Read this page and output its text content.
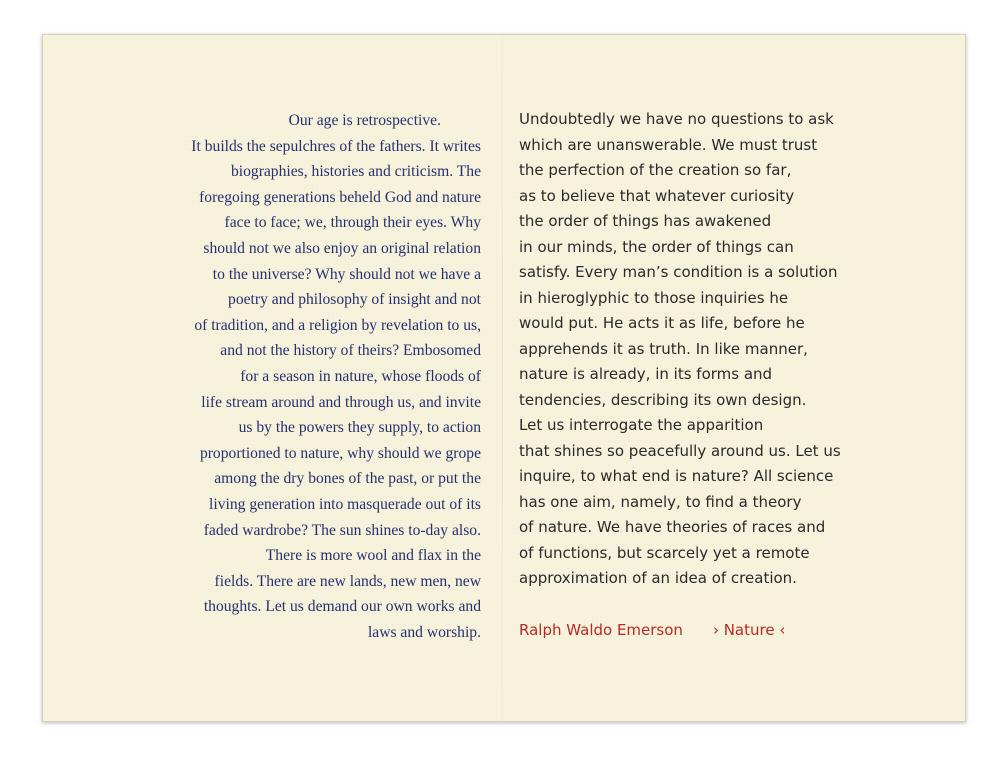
Our age is retrospective.
It builds the sepulchres of the fathers. It writes
biographies, histories and criticism. The
foregoing generations beheld God and nature
face to face; we, through their eyes. Why
should not we also enjoy an original relation
to the universe? Why should not we have a
poetry and philosophy of insight and not
of tradition, and a religion by revelation to us,
and not the history of theirs? Embosomed
for a season in nature, whose floods of
life stream around and through us, and invite
us by the powers they supply, to action
proportioned to nature, why should we grope
among the dry bones of the past, or put the
living generation into masquerade out of its
faded wardrobe? The sun shines to-day also.
There is more wool and flax in the
fields. There are new lands, new men, new
thoughts. Let us demand our own works and
laws and worship.
Undoubtedly we have no questions to ask
which are unanswerable. We must trust
the perfection of the creation so far,
as to believe that whatever curiosity
the order of things has awakened
in our minds, the order of things can
satisfy. Every man’s condition is a solution
in hieroglyphic to those inquiries he
would put. He acts it as life, before he
apprehends it as truth. In like manner,
nature is already, in its forms and
tendencies, describing its own design.
Let us interrogate the apparition
that shines so peacefully around us. Let us
inquire, to what end is nature? All science
has one aim, namely, to find a theory
of nature. We have theories of races and
of functions, but scarcely yet a remote
approximation of an idea of creation.
Ralph Waldo Emerson › Nature ‹
